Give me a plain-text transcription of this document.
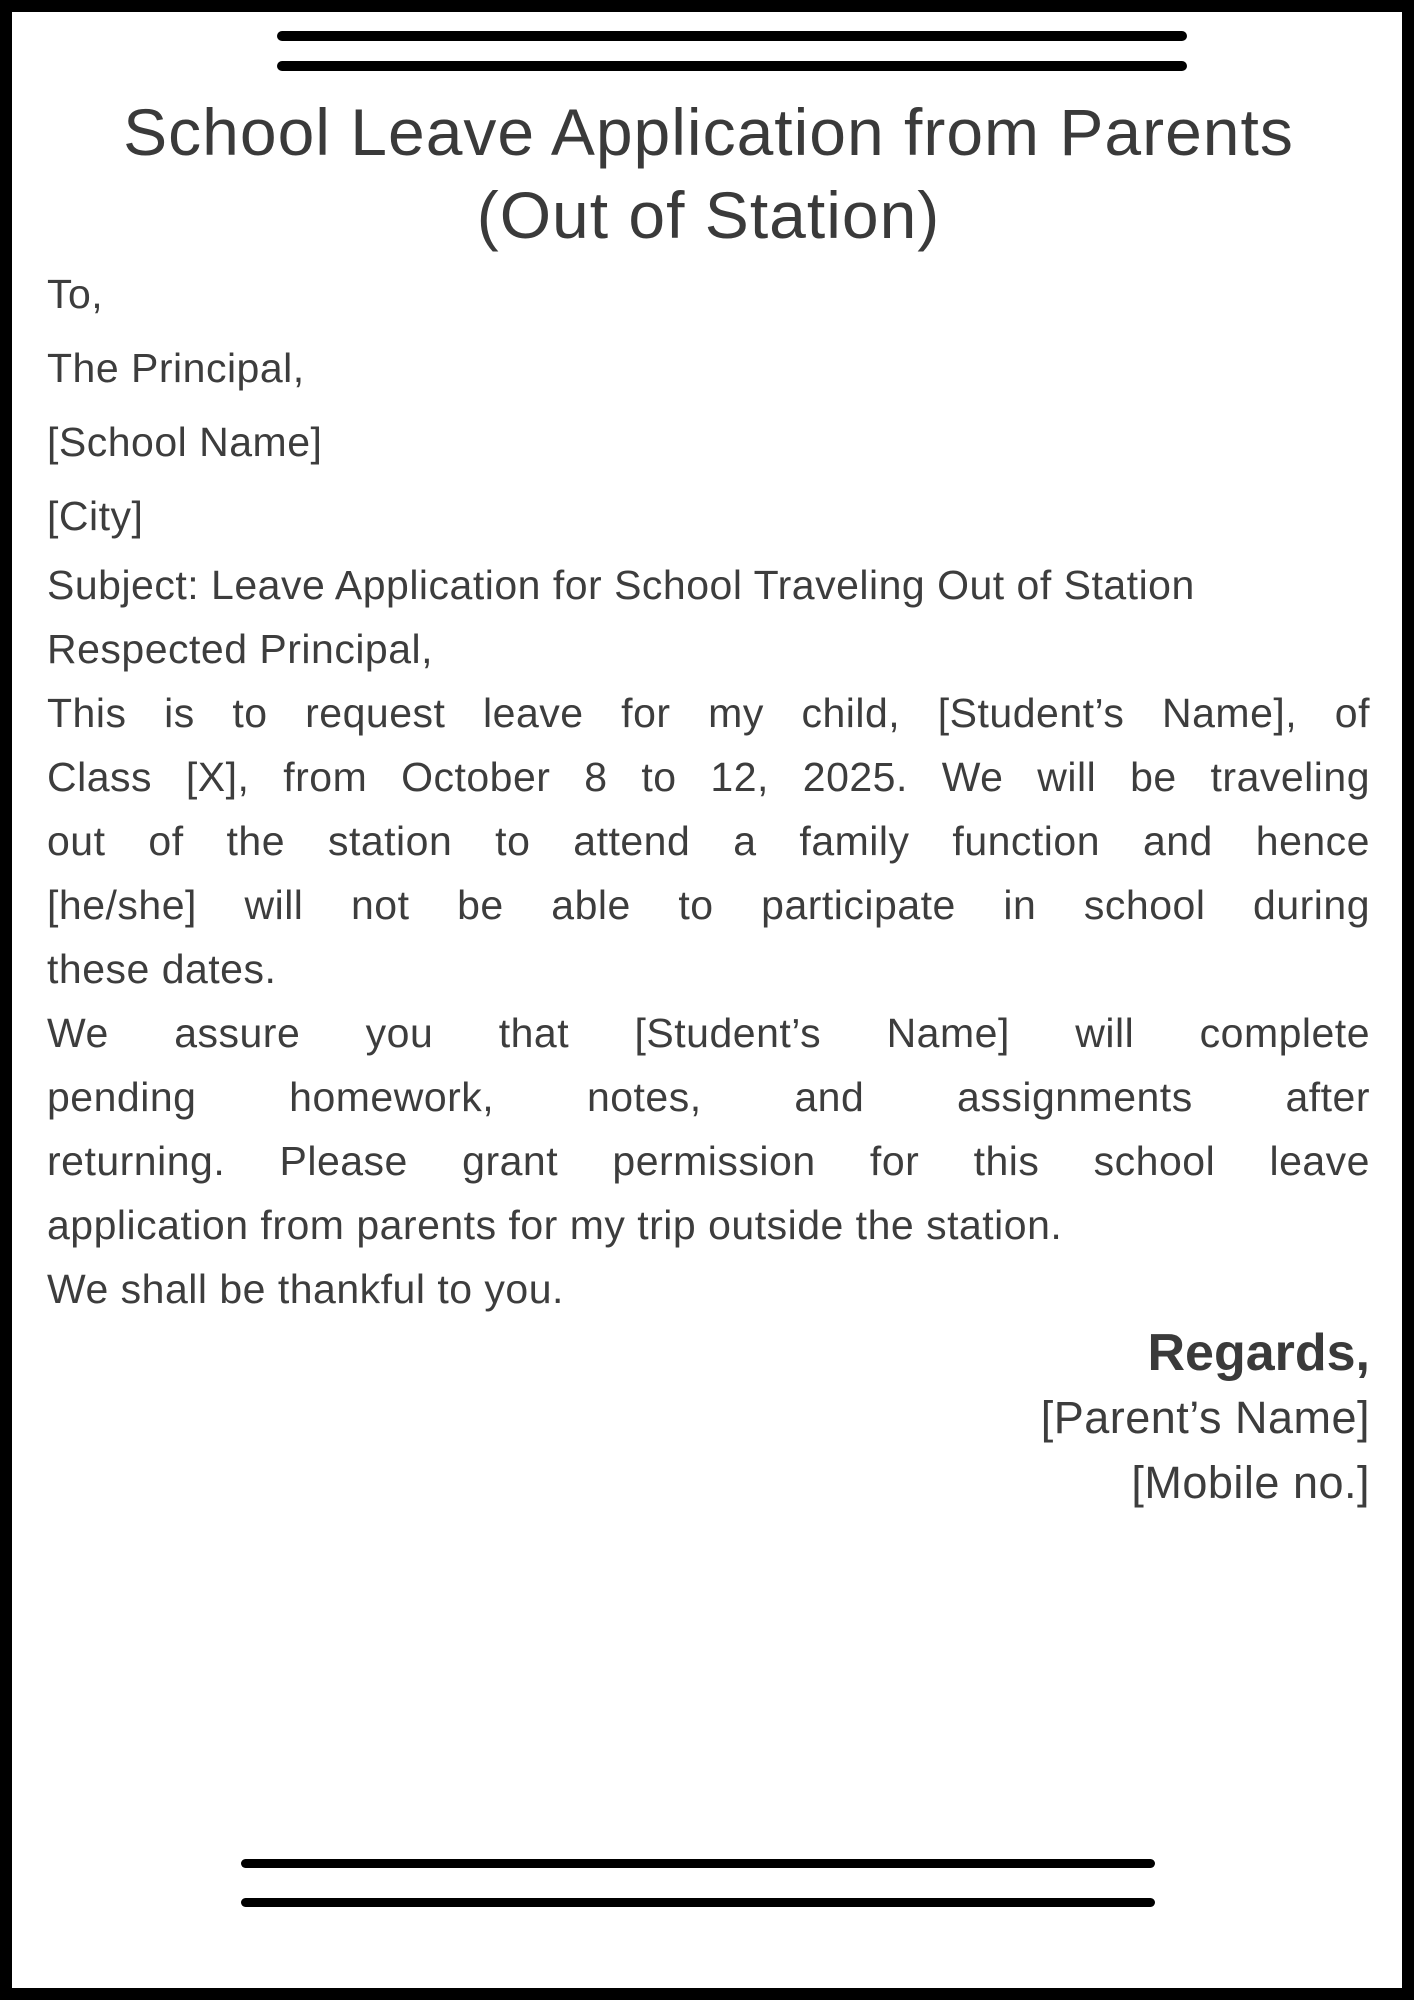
School Leave Application from Parents
(Out of Station)
To,
The Principal,
[School Name]
[City]

Subject: Leave Application for School Traveling Out of Station

Respected Principal,

This is to request leave for my child, [Student’s Name], of
Class [X], from October 8 to 12, 2025. We will be traveling
out of the station to attend a family function and hence
[he/she] will not be able to participate in school during
these dates.
We assure you that [Student’s Name] will complete
pending homework, notes, and assignments after
returning. Please grant permission for this school leave
application from parents for my trip outside the station.

We shall be thankful to you.

Regards,

[Parent’s Name]

[Mobile no.]
